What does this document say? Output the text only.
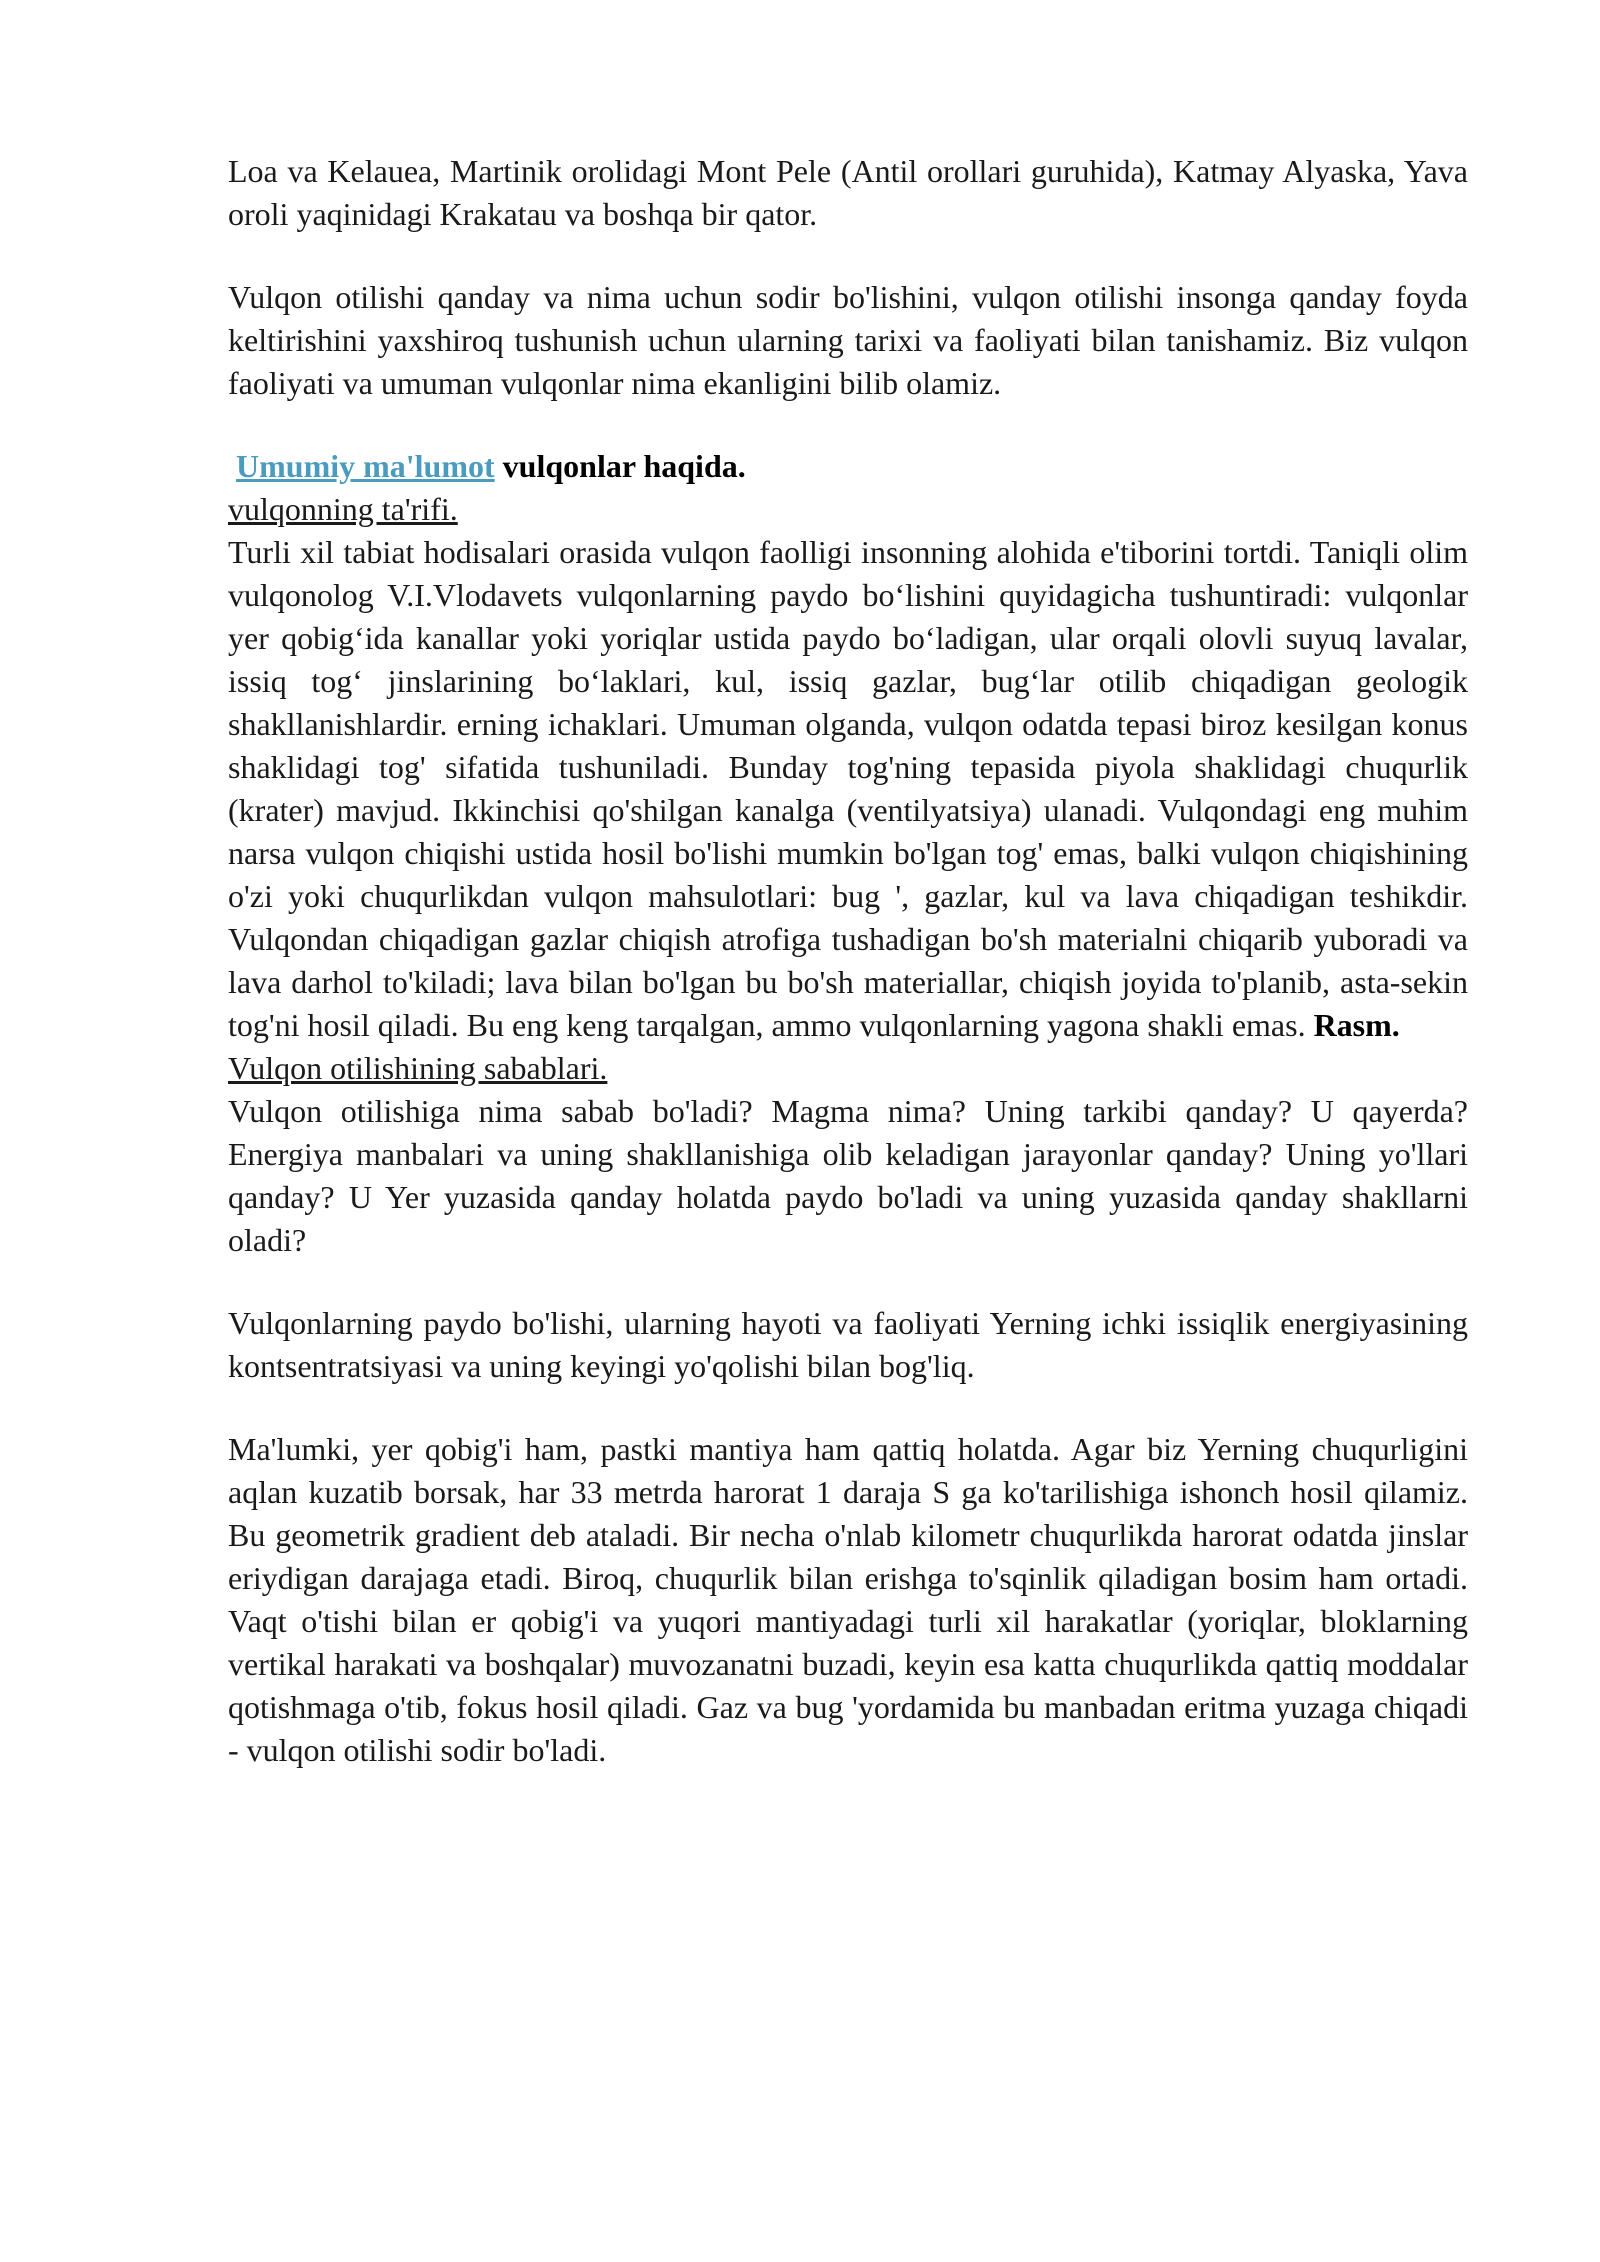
Loa va Kelauea, Martinik orolidagi Mont Pele (Antil orollari guruhida), Katmay Alyaska, Yava oroli yaqinidagi Krakatau va boshqa bir qator.

Vulqon otilishi qanday va nima uchun sodir bo'lishini, vulqon otilishi insonga qanday foyda keltirishini yaxshiroq tushunish uchun ularning tarixi va faoliyati bilan tanishamiz. Biz vulqon faoliyati va umuman vulqonlar nima ekanligini bilib olamiz.

Umumiy ma'lumot vulqonlar haqida.

vulqonning ta'rifi.

Turli xil tabiat hodisalari orasida vulqon faolligi insonning alohida e'tiborini tortdi. Taniqli olim vulqonolog V.I.Vlodavets vulqonlarning paydo bo‘lishini quyidagicha tushuntiradi: vulqonlar yer qobig‘ida kanallar yoki yoriqlar ustida paydo bo‘ladigan, ular orqali olovli suyuq lavalar, issiq tog‘ jinslarining bo‘laklari, kul, issiq gazlar, bug‘lar otilib chiqadigan geologik shakllanishlardir. erning ichaklari. Umuman olganda, vulqon odatda tepasi biroz kesilgan konus shaklidagi tog' sifatida tushuniladi. Bunday tog'ning tepasida piyola shaklidagi chuqurlik (krater) mavjud. Ikkinchisi qo'shilgan kanalga (ventilyatsiya) ulanadi. Vulqondagi eng muhim narsa vulqon chiqishi ustida hosil bo'lishi mumkin bo'lgan tog' emas, balki vulqon chiqishining o'zi yoki chuqurlikdan vulqon mahsulotlari: bug ', gazlar, kul va lava chiqadigan teshikdir. Vulqondan chiqadigan gazlar chiqish atrofiga tushadigan bo'sh materialni chiqarib yuboradi va lava darhol to'kiladi; lava bilan bo'lgan bu bo'sh materiallar, chiqish joyida to'planib, asta-sekin tog'ni hosil qiladi. Bu eng keng tarqalgan, ammo vulqonlarning yagona shakli emas. Rasm.

Vulqon otilishining sabablari.

Vulqon otilishiga nima sabab bo'ladi? Magma nima? Uning tarkibi qanday? U qayerda? Energiya manbalari va uning shakllanishiga olib keladigan jarayonlar qanday? Uning yo'llari qanday? U Yer yuzasida qanday holatda paydo bo'ladi va uning yuzasida qanday shakllarni oladi?

Vulqonlarning paydo bo'lishi, ularning hayoti va faoliyati Yerning ichki issiqlik energiyasining kontsentratsiyasi va uning keyingi yo'qolishi bilan bog'liq.

Ma'lumki, yer qobig'i ham, pastki mantiya ham qattiq holatda. Agar biz Yerning chuqurligini aqlan kuzatib borsak, har 33 metrda harorat 1 daraja S ga ko'tarilishiga ishonch hosil qilamiz. Bu geometrik gradient deb ataladi. Bir necha o'nlab kilometr chuqurlikda harorat odatda jinslar eriydigan darajaga etadi. Biroq, chuqurlik bilan erishga to'sqinlik qiladigan bosim ham ortadi. Vaqt o'tishi bilan er qobig'i va yuqori mantiyadagi turli xil harakatlar (yoriqlar, bloklarning vertikal harakati va boshqalar) muvozanatni buzadi, keyin esa katta chuqurlikda qattiq moddalar qotishmaga o'tib, fokus hosil qiladi. Gaz va bug 'yordamida bu manbadan eritma yuzaga chiqadi - vulqon otilishi sodir bo'ladi.
